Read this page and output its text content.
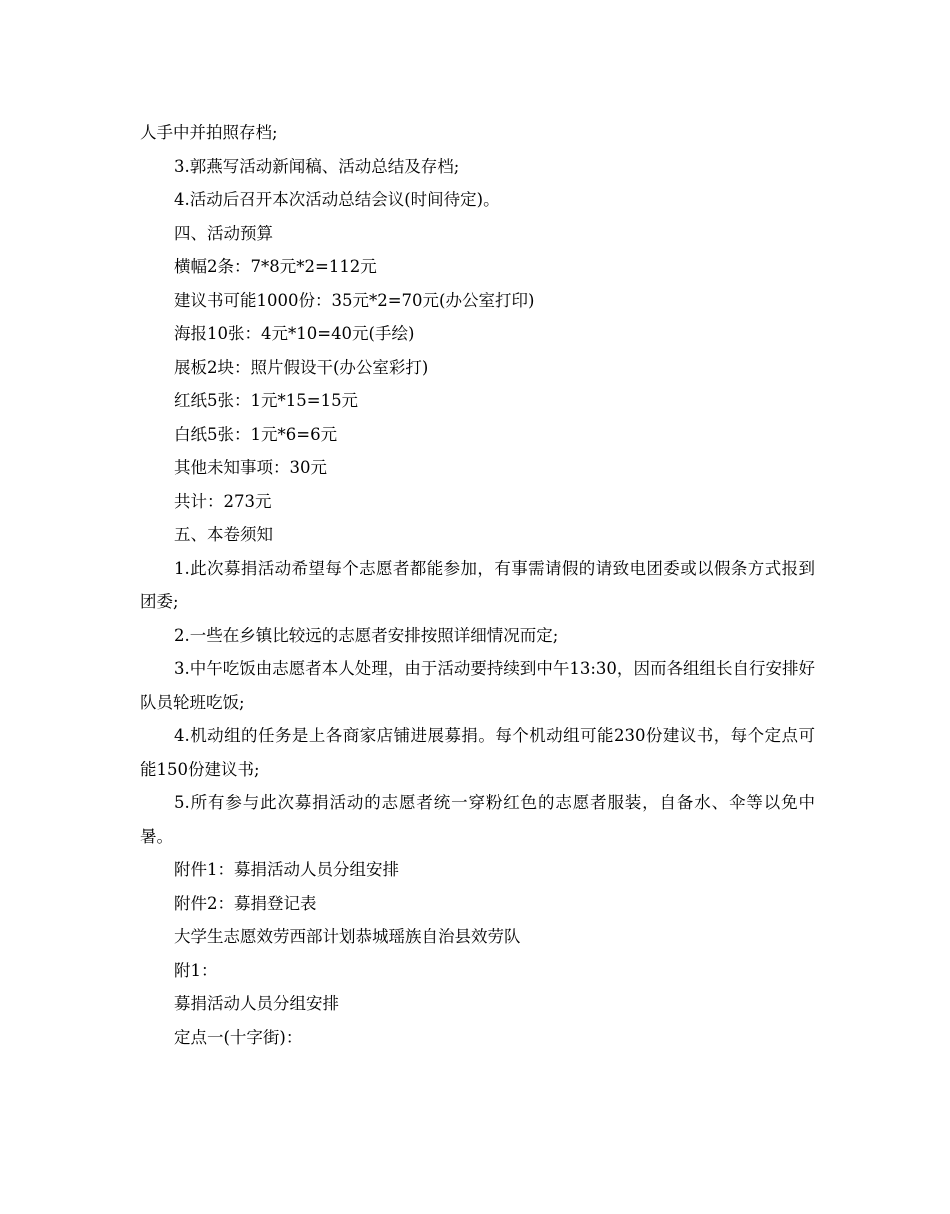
人手中并拍照存档;

3.郭燕写活动新闻稿、活动总结及存档;

4.活动后召开本次活动总结会议(时间待定)。

四、活动预算

横幅2条：7*8元*2=112元

建议书可能1000份：35元*2=70元(办公室打印)

海报10张：4元*10=40元(手绘)

展板2块：照片假设干(办公室彩打)

红纸5张：1元*15=15元

白纸5张：1元*6=6元

其他未知事项：30元

共计：273元

五、本卷须知

1.此次募捐活动希望每个志愿者都能参加，有事需请假的请致电团委或以假条方式报到团委;

2.一些在乡镇比较远的志愿者安排按照详细情况而定;

3.中午吃饭由志愿者本人处理，由于活动要持续到中午13:30，因而各组组长自行安排好队员轮班吃饭;

4.机动组的任务是上各商家店铺进展募捐。每个机动组可能230份建议书，每个定点可能150份建议书;

5.所有参与此次募捐活动的志愿者统一穿粉红色的志愿者服装，自备水、伞等以免中暑。

附件1：募捐活动人员分组安排

附件2：募捐登记表

大学生志愿效劳西部计划恭城瑶族自治县效劳队

附1：

募捐活动人员分组安排

定点一(十字街)：
